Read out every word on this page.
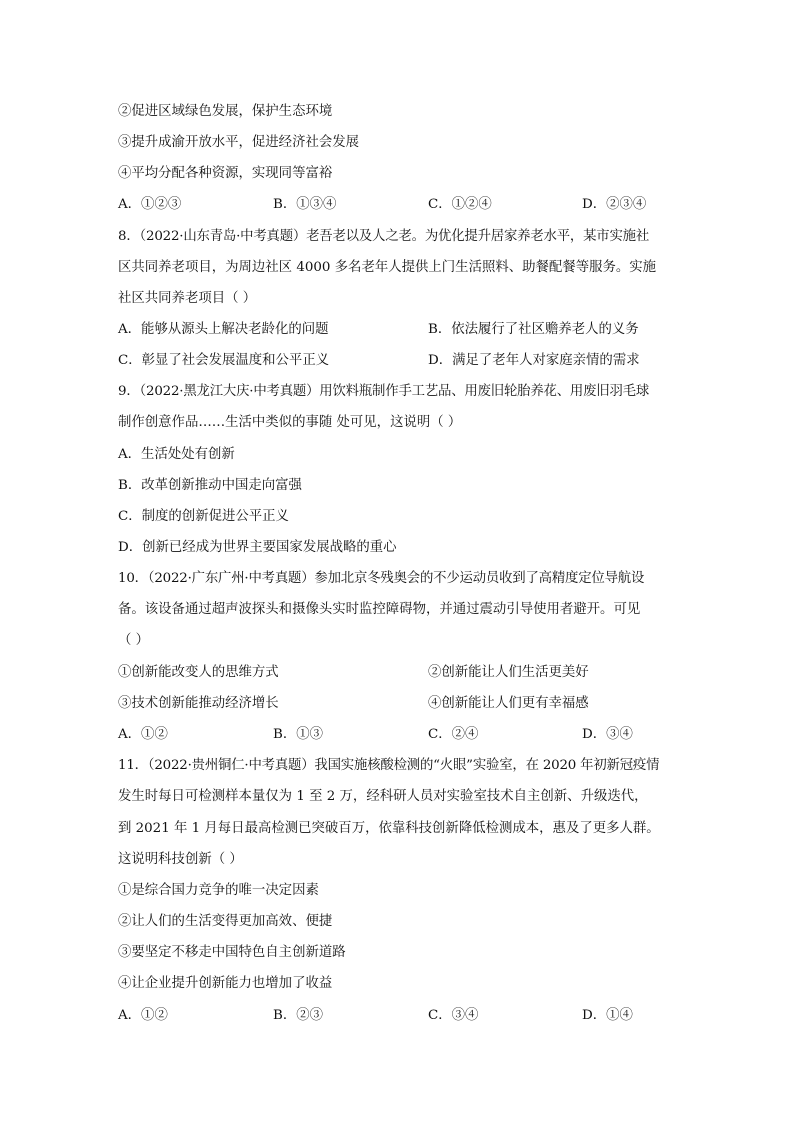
②促进区域绿色发展，保护生态环境
③提升成渝开放水平，促进经济社会发展
④平均分配各种资源，实现同等富裕
A．①②③	B．①③④	C．①②④	D．②③④
8．（2022·山东青岛·中考真题）老吾老以及人之老。为优化提升居家养老水平，某市实施社
区共同养老项目，为周边社区 4000 多名老年人提供上门生活照料、助餐配餐等服务。实施
社区共同养老项目（ ）
A．能够从源头上解决老龄化的问题	B．依法履行了社区赡养老人的义务
C．彰显了社会发展温度和公平正义	D．满足了老年人对家庭亲情的需求
9．（2022·黑龙江大庆·中考真题）用饮料瓶制作手工艺品、用废旧轮胎养花、用废旧羽毛球
制作创意作品……生活中类似的事随 处可见，这说明（ ）
A．生活处处有创新
B．改革创新推动中国走向富强
C．制度的创新促进公平正义
D．创新已经成为世界主要国家发展战略的重心
10．（2022·广东广州·中考真题）参加北京冬残奥会的不少运动员收到了高精度定位导航设
备。该设备通过超声波探头和摄像头实时监控障碍物，并通过震动引导使用者避开。可见
（ ）
①创新能改变人的思维方式	②创新能让人们生活更美好
③技术创新能推动经济增长	④创新能让人们更有幸福感
A．①②	B．①③	C．②④	D．③④
11．（2022·贵州铜仁·中考真题）我国实施核酸检测的“火眼”实验室，在 2020 年初新冠疫情
发生时每日可检测样本量仅为 1 至 2 万，经科研人员对实验室技术自主创新、升级迭代，
到 2021 年 1 月每日最高检测已突破百万，依靠科技创新降低检测成本，惠及了更多人群。
这说明科技创新（ ）
①是综合国力竞争的唯一决定因素
②让人们的生活变得更加高效、便捷
③要坚定不移走中国特色自主创新道路
④让企业提升创新能力也增加了收益
A．①②	B．②③	C．③④	D．①④
